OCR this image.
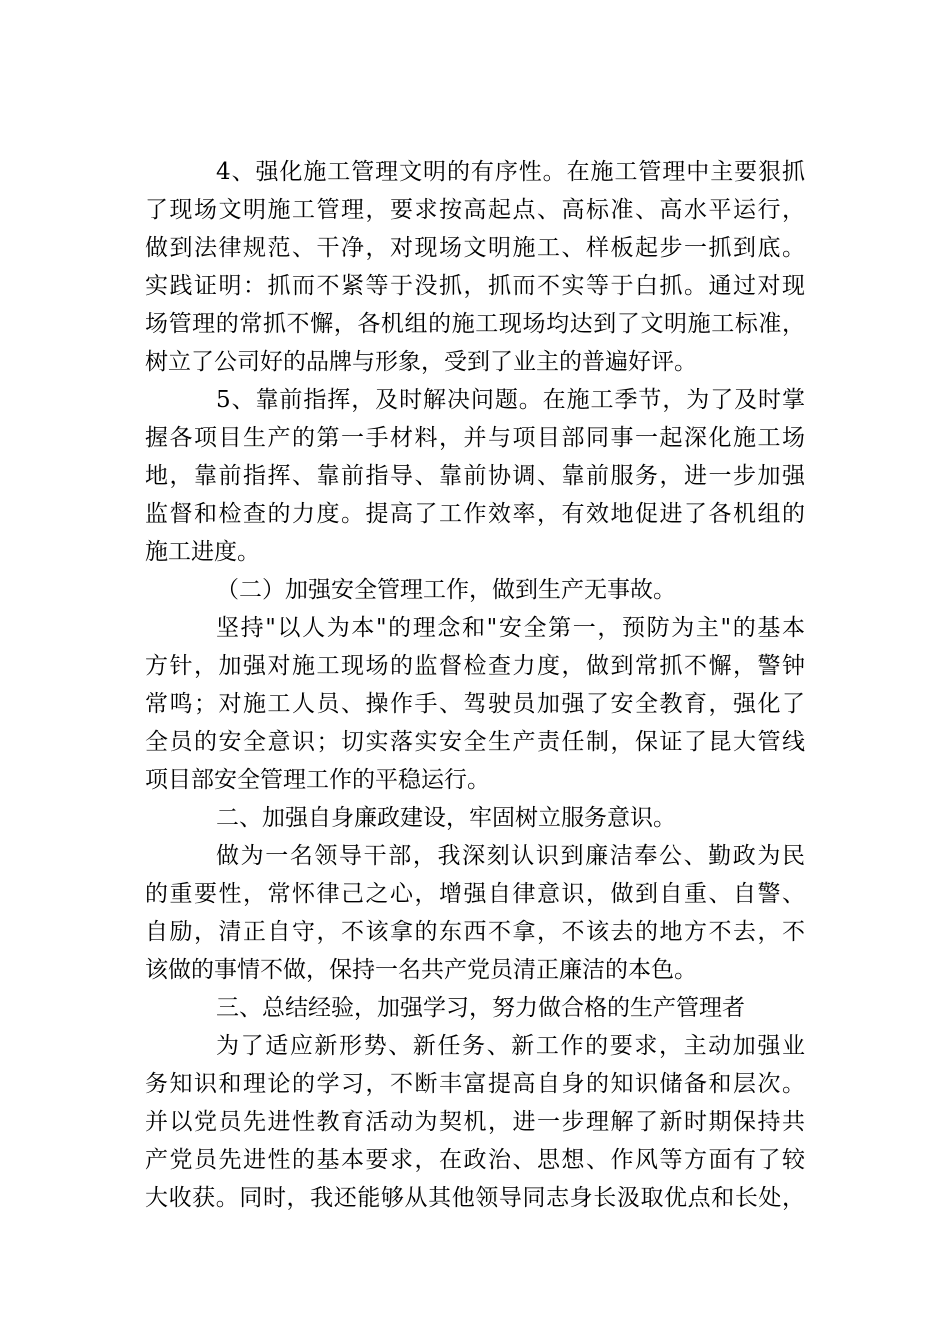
4、强化施工管理文明的有序性。在施工管理中主要狠抓
了现场文明施工管理，要求按高起点、高标准、高水平运行，
做到法律规范、干净，对现场文明施工、样板起步一抓到底。
实践证明：抓而不紧等于没抓，抓而不实等于白抓。通过对现
场管理的常抓不懈，各机组的施工现场均达到了文明施工标准，
树立了公司好的品牌与形象，受到了业主的普遍好评。
5、靠前指挥，及时解决问题。在施工季节，为了及时掌
握各项目生产的第一手材料，并与项目部同事一起深化施工场
地，靠前指挥、靠前指导、靠前协调、靠前服务，进一步加强
监督和检查的力度。提高了工作效率，有效地促进了各机组的
施工进度。
（二）加强安全管理工作，做到生产无事故。
坚持"以人为本"的理念和"安全第一，预防为主"的基本
方针，加强对施工现场的监督检查力度，做到常抓不懈，警钟
常鸣；对施工人员、操作手、驾驶员加强了安全教育，强化了
全员的安全意识；切实落实安全生产责任制，保证了昆大管线
项目部安全管理工作的平稳运行。
二、加强自身廉政建设，牢固树立服务意识。
做为一名领导干部，我深刻认识到廉洁奉公、勤政为民
的重要性，常怀律己之心，增强自律意识，做到自重、自警、
自励，清正自守，不该拿的东西不拿，不该去的地方不去，不
该做的事情不做，保持一名共产党员清正廉洁的本色。
三、总结经验，加强学习，努力做合格的生产管理者
为了适应新形势、新任务、新工作的要求，主动加强业
务知识和理论的学习，不断丰富提高自身的知识储备和层次。
并以党员先进性教育活动为契机，进一步理解了新时期保持共
产党员先进性的基本要求，在政治、思想、作风等方面有了较
大收获。同时，我还能够从其他领导同志身长汲取优点和长处，
